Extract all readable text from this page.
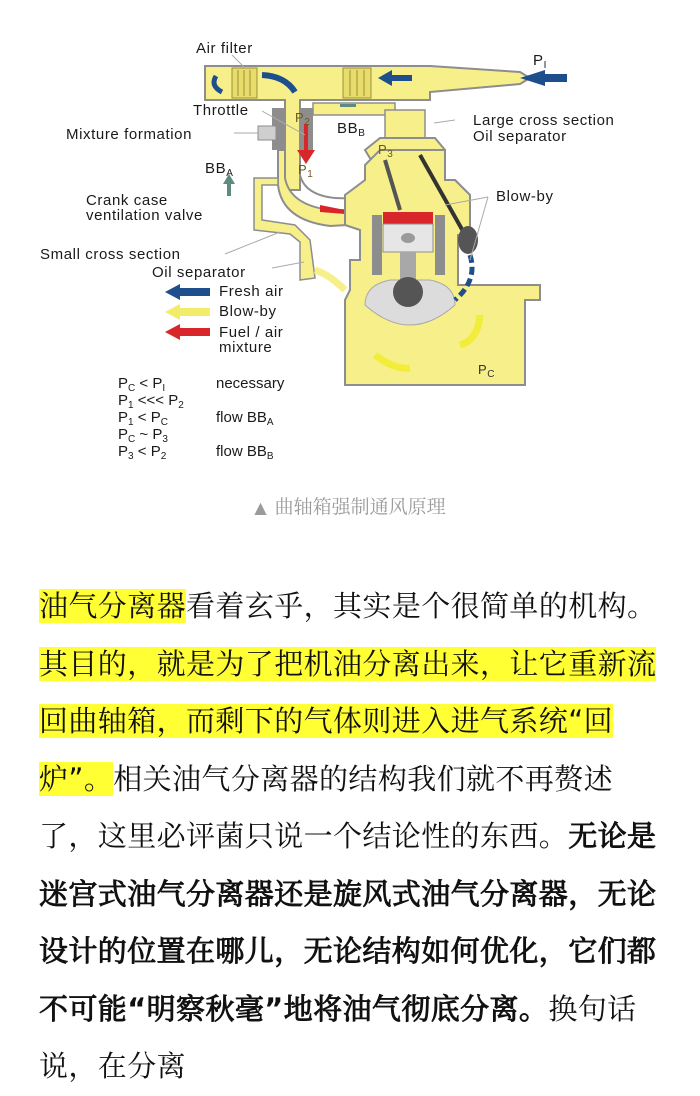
Air filter
Throttle
Mixture formation
$BB_A$
$BB_B$
Crank case
ventilation valve
Small cross section
Oil separator
Large cross section
Oil separator
Blow-by
$P_I$
$P_2$
$P_1$
$P_3$
$P_C$
Fresh air
Blow-by
Fuel / air
mixture
$P_C < P_I$	necessary
$P_1$ <<< $P_2$
$P_1 < P_C$	flow $BB_A$
$P_C$ ~ $P_3$
$P_3 < P_2$	flow $BB_B$
▲ 曲轴箱强制通风原理
油气分离器看着玄乎，其实是个很简单的机构。其目的，就是为了把机油分离出来，让它重新流回曲轴箱，而剩下的气体则进入进气系统“回炉”。相关油气分离器的结构我们就不再赘述了，这里必评菌只说一个结论性的东西。无论是迷宫式油气分离器还是旋风式油气分离器，无论设计的位置在哪儿，无论结构如何优化，它们都不可能“明察秋毫”地将油气彻底分离。换句话说，在分离
